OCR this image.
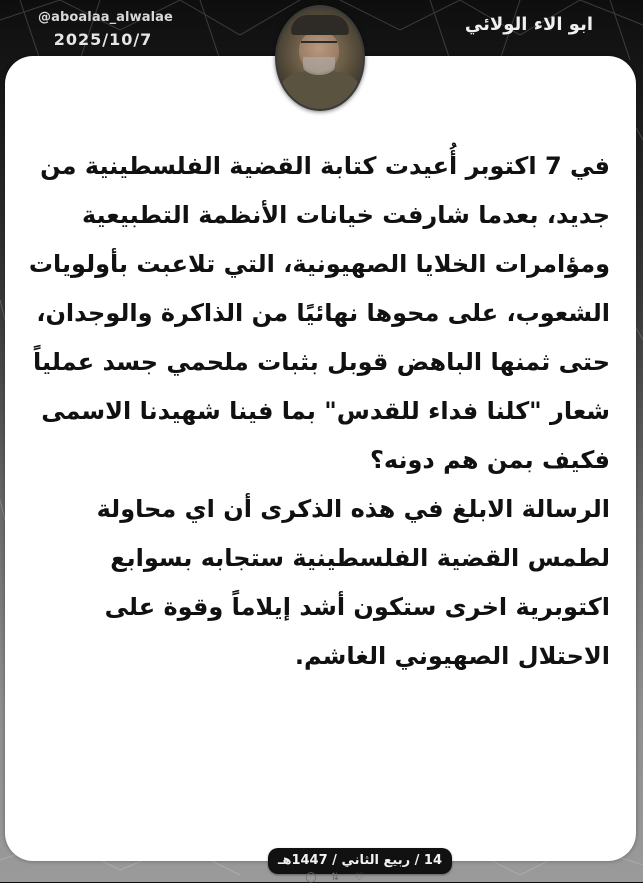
@aboalaa_alwalae
2025/10/7
ابو الاء الولائي
في 7 اكتوبر أُعيدت كتابة القضية الفلسطينية من
جديد، بعدما شارفت خيانات الأنظمة التطبيعية
ومؤامرات الخلايا الصهيونية، التي تلاعبت بأولويات
الشعوب، على محوها نهائيًا من الذاكرة والوجدان،
حتى ثمنها الباهض قوبل بثبات ملحمي جسد عملياً
شعار "كلنا فداء للقدس" بما فينا شهيدنا الاسمى
فكيف بمن هم دونه؟
الرسالة الابلغ في هذه الذكرى أن اي محاولة
لطمس القضية الفلسطينية ستجابه بسوابع
اكتوبرية اخرى ستكون أشد إيلاماً وقوة على
الاحتلال الصهيوني الغاشم.
14 / ربيع الثاني / 1447هـ
◯ ⇅ ♡
